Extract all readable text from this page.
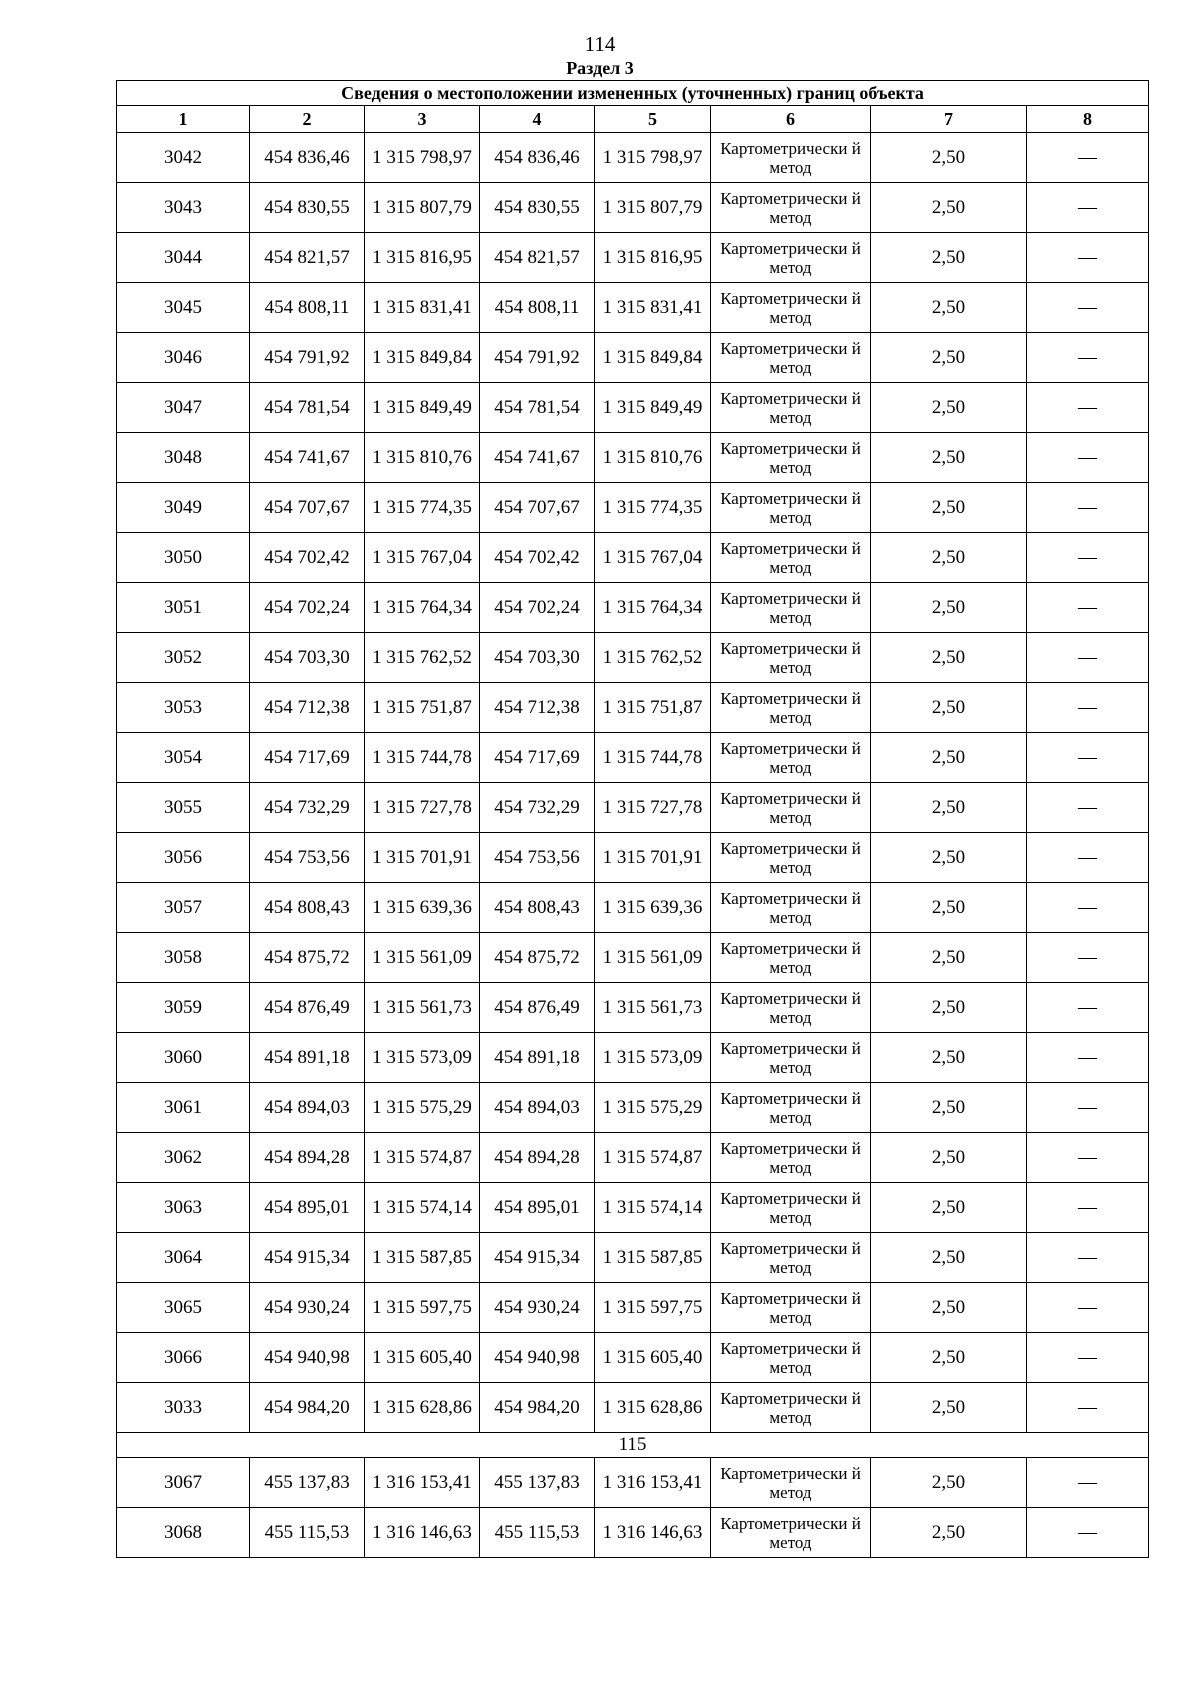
114
Раздел 3
Сведения о местоположении измененных (уточненных) границ объекта							
1	2	3	4	5	6	7	8
3042	454 836,46	1 315 798,97	454 836,46	1 315 798,97	Картометрически й метод	2,50	—
3043	454 830,55	1 315 807,79	454 830,55	1 315 807,79	Картометрически й метод	2,50	—
3044	454 821,57	1 315 816,95	454 821,57	1 315 816,95	Картометрически й метод	2,50	—
3045	454 808,11	1 315 831,41	454 808,11	1 315 831,41	Картометрически й метод	2,50	—
3046	454 791,92	1 315 849,84	454 791,92	1 315 849,84	Картометрически й метод	2,50	—
3047	454 781,54	1 315 849,49	454 781,54	1 315 849,49	Картометрически й метод	2,50	—
3048	454 741,67	1 315 810,76	454 741,67	1 315 810,76	Картометрически й метод	2,50	—
3049	454 707,67	1 315 774,35	454 707,67	1 315 774,35	Картометрически й метод	2,50	—
3050	454 702,42	1 315 767,04	454 702,42	1 315 767,04	Картометрически й метод	2,50	—
3051	454 702,24	1 315 764,34	454 702,24	1 315 764,34	Картометрически й метод	2,50	—
3052	454 703,30	1 315 762,52	454 703,30	1 315 762,52	Картометрически й метод	2,50	—
3053	454 712,38	1 315 751,87	454 712,38	1 315 751,87	Картометрически й метод	2,50	—
3054	454 717,69	1 315 744,78	454 717,69	1 315 744,78	Картометрически й метод	2,50	—
3055	454 732,29	1 315 727,78	454 732,29	1 315 727,78	Картометрически й метод	2,50	—
3056	454 753,56	1 315 701,91	454 753,56	1 315 701,91	Картометрически й метод	2,50	—
3057	454 808,43	1 315 639,36	454 808,43	1 315 639,36	Картометрически й метод	2,50	—
3058	454 875,72	1 315 561,09	454 875,72	1 315 561,09	Картометрически й метод	2,50	—
3059	454 876,49	1 315 561,73	454 876,49	1 315 561,73	Картометрически й метод	2,50	—
3060	454 891,18	1 315 573,09	454 891,18	1 315 573,09	Картометрически й метод	2,50	—
3061	454 894,03	1 315 575,29	454 894,03	1 315 575,29	Картометрически й метод	2,50	—
3062	454 894,28	1 315 574,87	454 894,28	1 315 574,87	Картометрически й метод	2,50	—
3063	454 895,01	1 315 574,14	454 895,01	1 315 574,14	Картометрически й метод	2,50	—
3064	454 915,34	1 315 587,85	454 915,34	1 315 587,85	Картометрически й метод	2,50	—
3065	454 930,24	1 315 597,75	454 930,24	1 315 597,75	Картометрически й метод	2,50	—
3066	454 940,98	1 315 605,40	454 940,98	1 315 605,40	Картометрически й метод	2,50	—
3033	454 984,20	1 315 628,86	454 984,20	1 315 628,86	Картометрически й метод	2,50	—
115							
3067	455 137,83	1 316 153,41	455 137,83	1 316 153,41	Картометрически й метод	2,50	—
3068	455 115,53	1 316 146,63	455 115,53	1 316 146,63	Картометрически й метод	2,50	—
